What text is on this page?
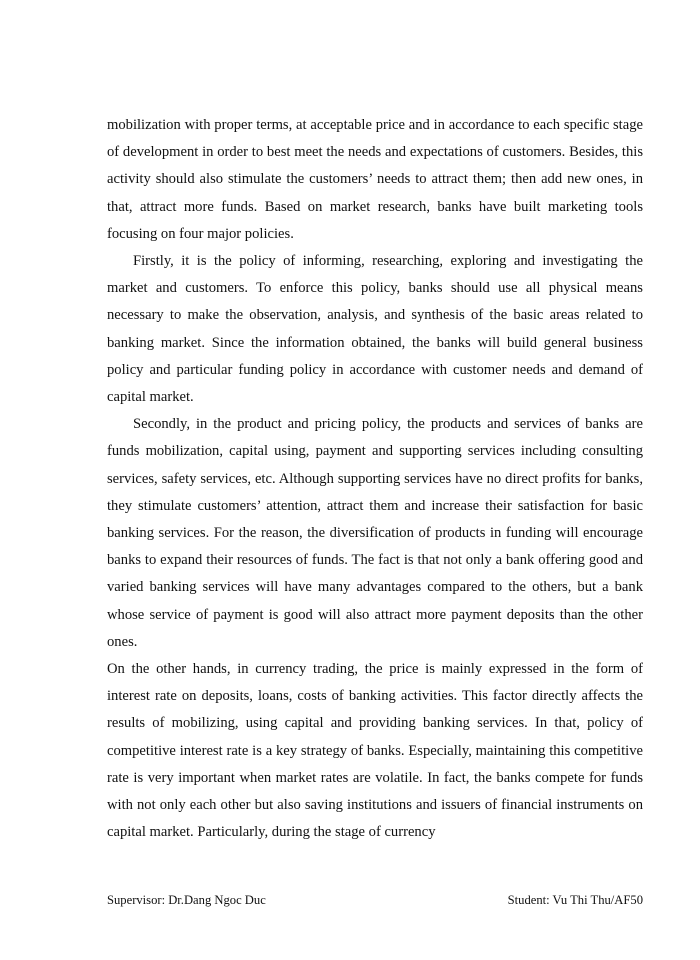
mobilization with proper terms, at acceptable price and in accordance to each specific stage of development in order to best meet the needs and expectations of customers. Besides, this activity should also stimulate the customers’ needs to attract them; then add new ones, in that, attract more funds. Based on market research, banks have built marketing tools focusing on four major policies.

Firstly, it is the policy of informing, researching, exploring and investigating the market and customers. To enforce this policy, banks should use all physical means necessary to make the observation, analysis, and synthesis of the basic areas related to banking market. Since the information obtained, the banks will build general business policy and particular funding policy in accordance with customer needs and demand of capital market.

Secondly, in the product and pricing policy, the products and services of banks are funds mobilization, capital using, payment and supporting services including consulting services, safety services, etc. Although supporting services have no direct profits for banks, they stimulate customers’ attention, attract them and increase their satisfaction for basic banking services. For the reason, the diversification of products in funding will encourage banks to expand their resources of funds. The fact is that not only a bank offering good and varied banking services will have many advantages compared to the others, but a bank whose service of payment is good will also attract more payment deposits than the other ones.

On the other hands, in currency trading, the price is mainly expressed in the form of interest rate on deposits, loans, costs of banking activities. This factor directly affects the results of mobilizing, using capital and providing banking services. In that, policy of competitive interest rate is a key strategy of banks. Especially, maintaining this competitive rate is very important when market rates are volatile. In fact, the banks compete for funds with not only each other but also saving institutions and issuers of financial instruments on capital market. Particularly, during the stage of currency

Supervisor: Dr.Dang Ngoc Duc	Student: Vu Thi Thu/AF50
